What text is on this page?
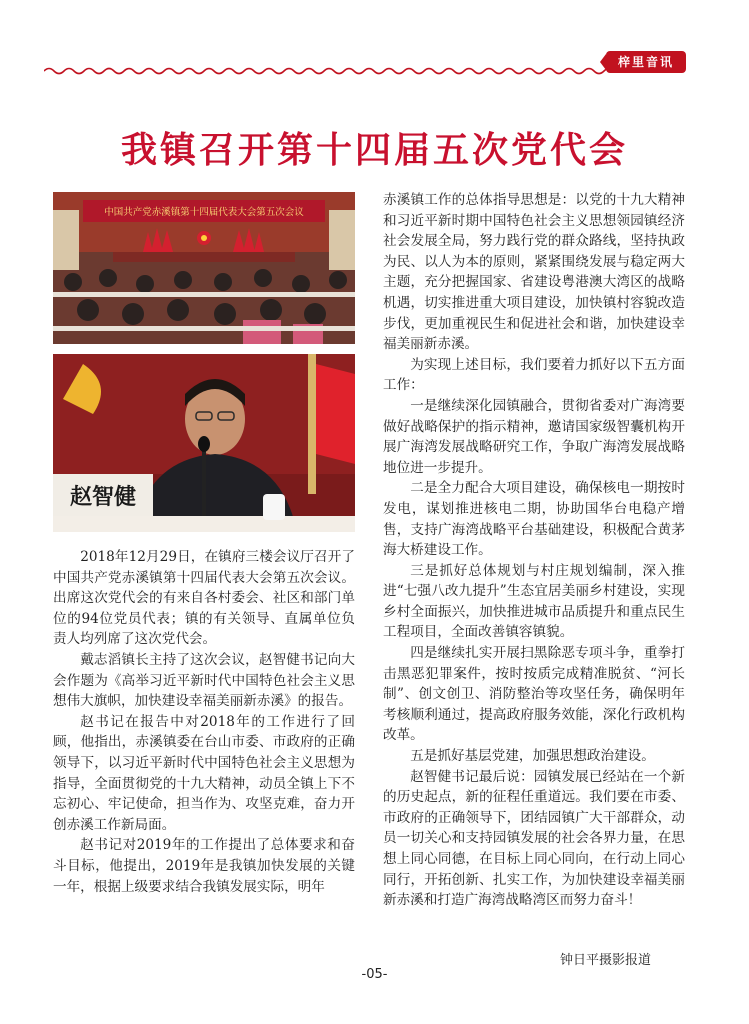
梓里音讯
我镇召开第十四届五次党代会
中国共产党赤溪镇第十四届代表大会第五次会议
赵智健

2018年12月29日，在镇府三楼会议厅召开了中国共产党赤溪镇第十四届代表大会第五次会议。出席这次党代会的有来自各村委会、社区和部门单位的94位党员代表；镇的有关领导、直属单位负责人均列席了这次党代会。

戴志滔镇长主持了这次会议，赵智健书记向大会作题为《高举习近平新时代中国特色社会主义思想伟大旗帜，加快建设幸福美丽新赤溪》的报告。

赵书记在报告中对2018年的工作进行了回顾，他指出，赤溪镇委在台山市委、市政府的正确领导下，以习近平新时代中国特色社会主义思想为指导，全面贯彻党的十九大精神，动员全镇上下不忘初心、牢记使命，担当作为、攻坚克难，奋力开创赤溪工作新局面。

赵书记对2019年的工作提出了总体要求和奋斗目标，他提出，2019年是我镇加快发展的关键一年，根据上级要求结合我镇发展实际，明年

赤溪镇工作的总体指导思想是：以党的十九大精神和习近平新时期中国特色社会主义思想领园镇经济社会发展全局，努力践行党的群众路线，坚持执政为民、以人为本的原则，紧紧围绕发展与稳定两大主题，充分把握国家、省建设粤港澳大湾区的战略机遇，切实推进重大项目建设，加快镇村容貌改造步伐，更加重视民生和促进社会和谐，加快建设幸福美丽新赤溪。

为实现上述目标，我们要着力抓好以下五方面工作：

一是继续深化园镇融合，贯彻省委对广海湾要做好战略保护的指示精神，邀请国家级智囊机构开展广海湾发展战略研究工作，争取广海湾发展战略地位进一步提升。

二是全力配合大项目建设，确保核电一期按时发电，谋划推进核电二期，协助国华台电稳产增售，支持广海湾战略平台基础建设，积极配合黄茅海大桥建设工作。

三是抓好总体规划与村庄规划编制，深入推进“七强八改九提升”生态宜居美丽乡村建设，实现乡村全面振兴，加快推进城市品质提升和重点民生工程项目，全面改善镇容镇貌。

四是继续扎实开展扫黑除恶专项斗争，重拳打击黑恶犯罪案件，按时按质完成精准脱贫、“河长制”、创文创卫、消防整治等攻坚任务，确保明年考核顺利通过，提高政府服务效能，深化行政机构改革。

五是抓好基层党建，加强思想政治建设。

赵智健书记最后说：园镇发展已经站在一个新的历史起点，新的征程任重道远。我们要在市委、市政府的正确领导下，团结园镇广大干部群众，动员一切关心和支持园镇发展的社会各界力量，在思想上同心同德，在目标上同心同向，在行动上同心同行，开拓创新、扎实工作，为加快建设幸福美丽新赤溪和打造广海湾战略湾区而努力奋斗！

钟日平摄影报道
-05-
